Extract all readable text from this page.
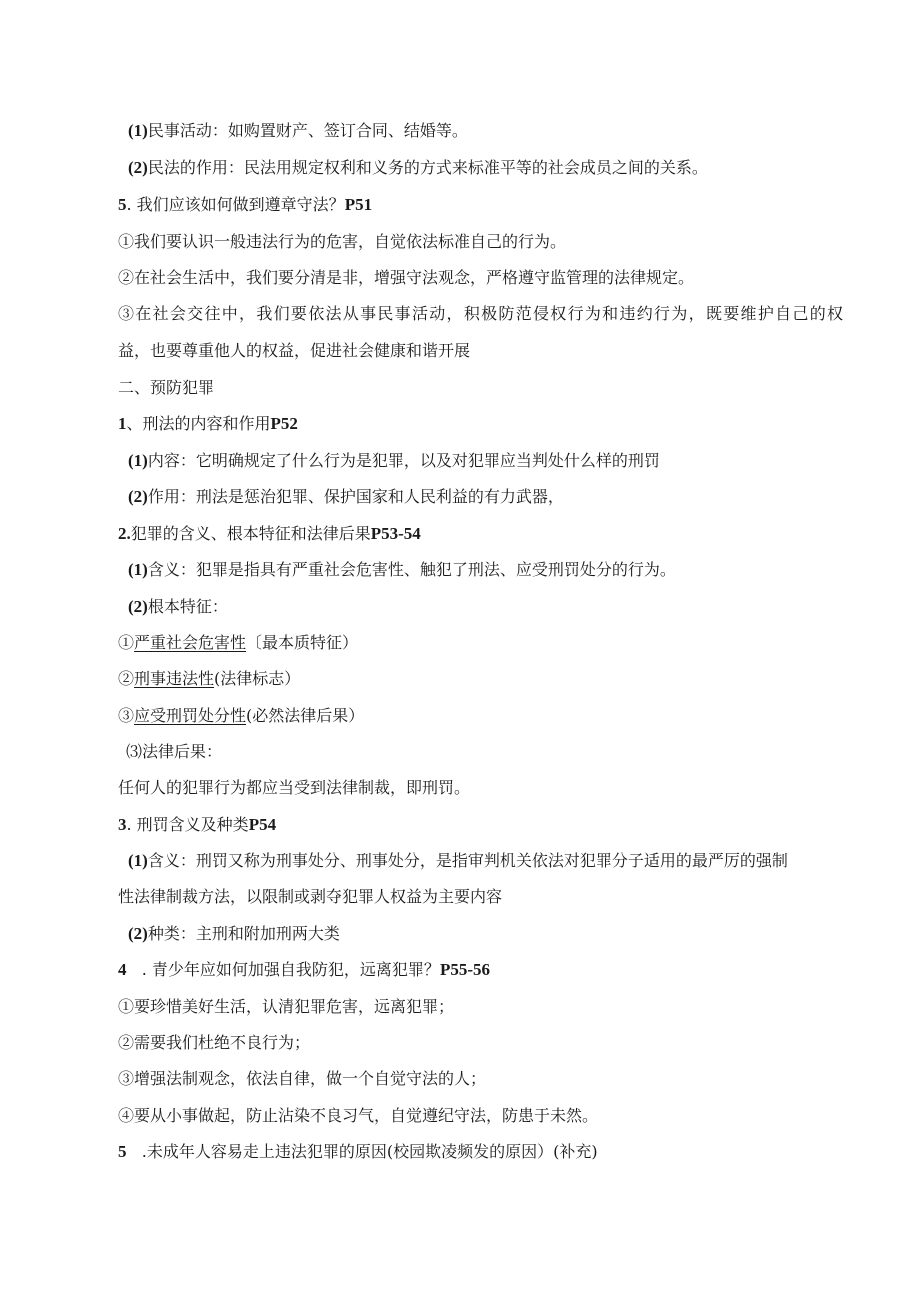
(1)民事活动：如购置财产、签订合同、结婚等。
(2)民法的作用：民法用规定权利和义务的方式来标准平等的社会成员之间的关系。
5. 我们应该如何做到遵章守法？P51
①我们要认识一般违法行为的危害，自觉依法标准自己的行为。
②在社会生活中，我们要分清是非，增强守法观念，严格遵守监管理的法律规定。
③在社会交往中，我们要依法从事民事活动，积极防范侵权行为和违约行为，既要维护自己的权
益，也要尊重他人的权益，促进社会健康和谐开展
二、预防犯罪
1、刑法的内容和作用P52
(1)内容：它明确规定了什么行为是犯罪，以及对犯罪应当判处什么样的刑罚
(2)作用：刑法是惩治犯罪、保护国家和人民利益的有力武器，
2.犯罪的含义、根本特征和法律后果P53-54
(1)含义：犯罪是指具有严重社会危害性、触犯了刑法、应受刑罚处分的行为。
(2)根本特征：
①严重社会危害性〔最本质特征）
②刑事违法性(法律标志）
③应受刑罚处分性(必然法律后果）
⑶法律后果：
任何人的犯罪行为都应当受到法律制裁，即刑罚。
3. 刑罚含义及种类P54
(1)含义：刑罚又称为刑事处分、刑事处分，是指审判机关依法对犯罪分子适用的最严厉的强制
性法律制裁方法，以限制或剥夺犯罪人权益为主要内容
(2)种类：主刑和附加刑两大类
4   . 青少年应如何加强自我防犯，远离犯罪？P55-56
①要珍惜美好生活，认清犯罪危害，远离犯罪；
②需要我们杜绝不良行为；
③增强法制观念，依法自律，做一个自觉守法的人；
④要从小事做起，防止沾染不良习气，自觉遵纪守法，防患于未然。
5   .未成年人容易走上违法犯罪的原因(校园欺凌频发的原因）(补充)
